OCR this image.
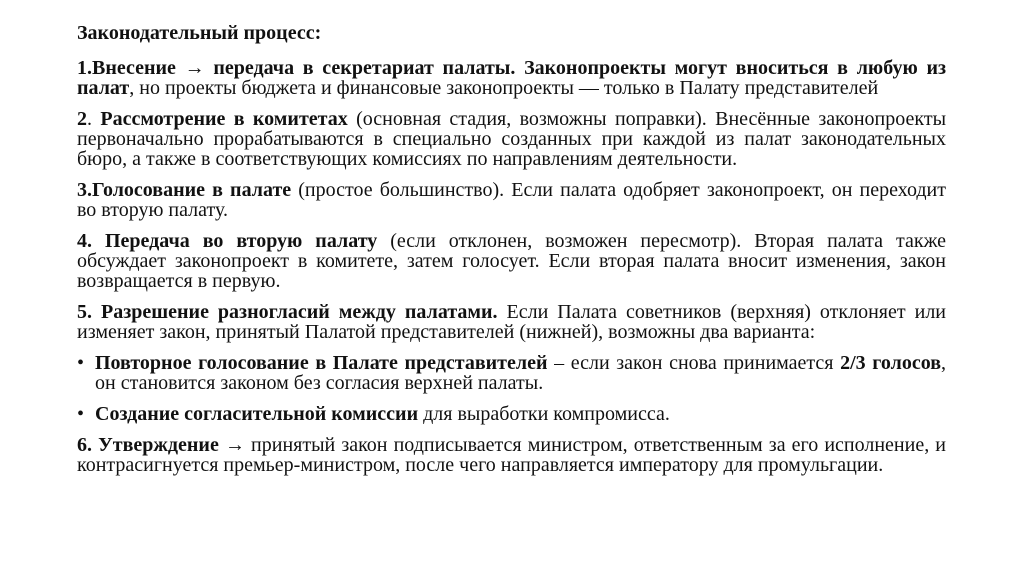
Законодательный процесс:
1.Внесение → передача в секретариат палаты. Законопроекты могут вноситься в любую из палат, но проекты бюджета и финансовые законопроекты — только в Палату представителей
2. Рассмотрение в комитетах (основная стадия, возможны поправки). Внесённые законопроекты первоначально прорабатываются в специально созданных при каждой из палат законодательных бюро, а также в соответствующих комиссиях по направлениям деятельности.
3.Голосование в палате (простое большинство). Если палата одобряет законопроект, он переходит во вторую палату.
4. Передача во вторую палату (если отклонен, возможен пересмотр). Вторая палата также обсуждает законопроект в комитете, затем голосует. Если вторая палата вносит изменения, закон возвращается в первую.
5. Разрешение разногласий между палатами. Если Палата советников (верхняя) отклоняет или изменяет закон, принятый Палатой представителей (нижней), возможны два варианта:
• Повторное голосование в Палате представителей – если закон снова принимается 2/3 голосов, он становится законом без согласия верхней палаты.
• Создание согласительной комиссии для выработки компромисса.
6. Утверждение → принятый закон подписывается министром, ответственным за его исполнение, и контрасигнуется премьер-министром, после чего направляется императору для промульгации.
